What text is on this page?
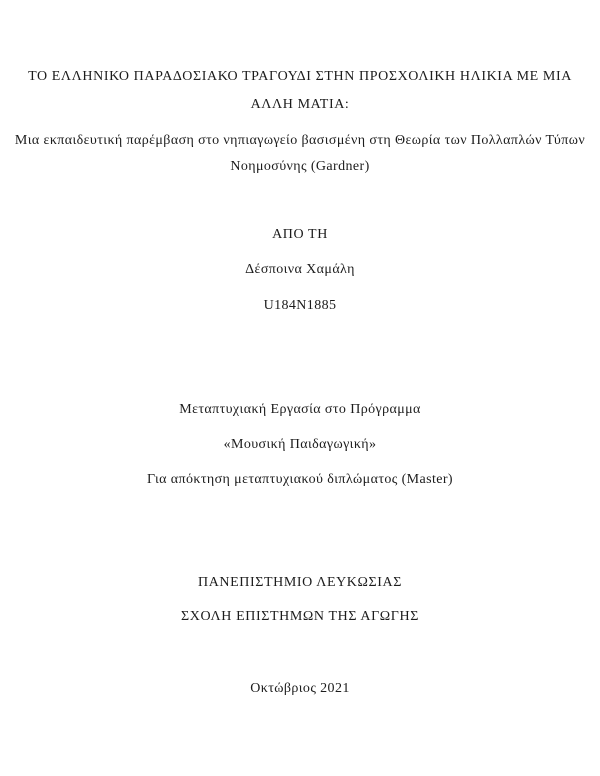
ΤΟ ΕΛΛΗΝΙΚΟ ΠΑΡΑΔΟΣΙΑΚΟ ΤΡΑΓΟΥΔΙ ΣΤΗΝ ΠΡΟΣΧΟΛΙΚΗ ΗΛΙΚΙΑ ΜΕ ΜΙΑ
ΑΛΛΗ ΜΑΤΙΑ:
Μια εκπαιδευτική παρέμβαση στο νηπιαγωγείο βασισμένη στη Θεωρία των Πολλαπλών Τύπων
Νοημοσύνης (Gardner)
ΑΠΟ ΤΗ
Δέσποινα Χαμάλη
U184N1885
Μεταπτυχιακή Εργασία στο Πρόγραμμα
«Μουσική Παιδαγωγική»
Για απόκτηση μεταπτυχιακού διπλώματος (Master)
ΠΑΝΕΠΙΣΤΗΜΙΟ ΛΕΥΚΩΣΙΑΣ
ΣΧΟΛΗ ΕΠΙΣΤΗΜΩΝ ΤΗΣ ΑΓΩΓΗΣ
Οκτώβριος 2021
